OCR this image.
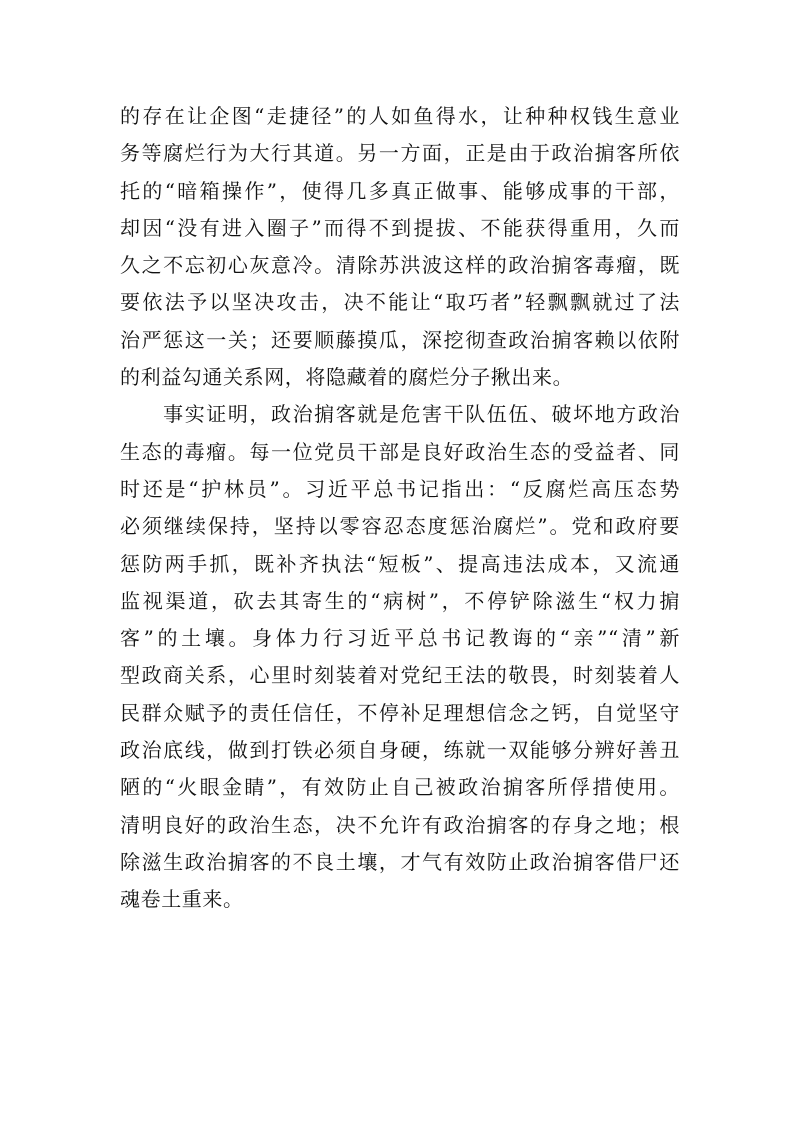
的存在让企图“走捷径”的人如鱼得水，让种种权钱生意业
务等腐烂行为大行其道。另一方面，正是由于政治掮客所依
托的“暗箱操作”，使得几多真正做事、能够成事的干部，
却因“没有进入圈子”而得不到提拔、不能获得重用，久而
久之不忘初心灰意冷。清除苏洪波这样的政治掮客毒瘤，既
要依法予以坚决攻击，决不能让“取巧者”轻飘飘就过了法
治严惩这一关；还要顺藤摸瓜，深挖彻查政治掮客赖以依附
的利益勾通关系网，将隐藏着的腐烂分子揪出来。

　　事实证明，政治掮客就是危害干队伍伍、破坏地方政治
生态的毒瘤。每一位党员干部是良好政治生态的受益者、同
时还是“护林员”。习近平总书记指出：“反腐烂高压态势
必须继续保持，坚持以零容忍态度惩治腐烂”。党和政府要
惩防两手抓，既补齐执法“短板”、提高违法成本，又流通
监视渠道，砍去其寄生的“病树”，不停铲除滋生“权力掮
客”的土壤。身体力行习近平总书记教诲的“亲”“清”新
型政商关系，心里时刻装着对党纪王法的敬畏，时刻装着人
民群众赋予的责任信任，不停补足理想信念之钙，自觉坚守
政治底线，做到打铁必须自身硬，练就一双能够分辨好善丑
陋的“火眼金睛”，有效防止自己被政治掮客所俘措使用。
清明良好的政治生态，决不允许有政治掮客的存身之地；根
除滋生政治掮客的不良土壤，才气有效防止政治掮客借尸还
魂卷土重来。
